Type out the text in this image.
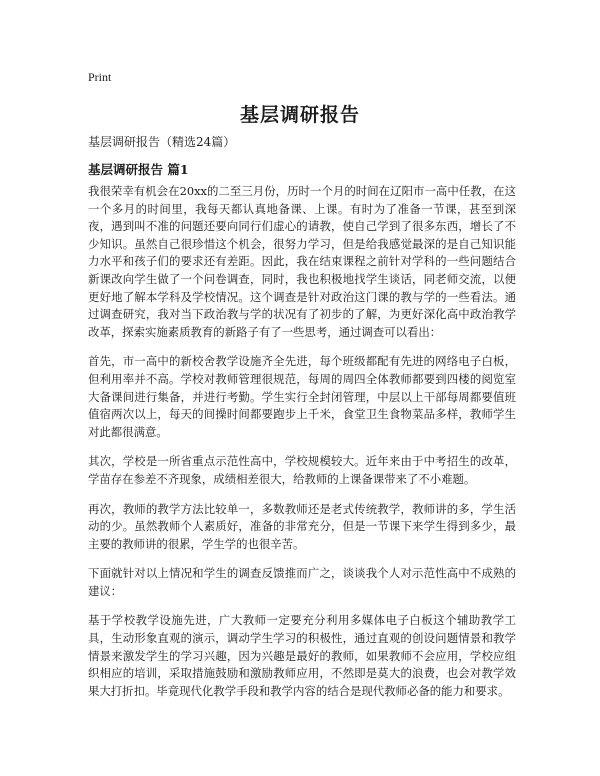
Print
基层调研报告

基层调研报告（精选24篇）

基层调研报告 篇1

我很荣幸有机会在20xx的二至三月份，历时一个月的时间在辽阳市一高中任教，在这一个多月的时间里，我每天都认真地备课、上课。有时为了准备一节课，甚至到深夜，遇到叫不准的问题还要向同行们虚心的请教，使自己学到了很多东西，增长了不少知识。虽然自己很珍惜这个机会，很努力学习，但是给我感觉最深的是自己知识能力水平和孩子们的要求还有差距。因此，我在结束课程之前针对学科的一些问题结合新课改向学生做了一个问卷调查，同时，我也积极地找学生谈话，同老师交流，以便更好地了解本学科及学校情况。这个调查是针对政治这门课的教与学的一些看法。通过调查研究，我对当下政治教与学的状况有了初步的了解，为更好深化高中政治教学改革，探索实施素质教育的新路子有了一些思考，通过调查可以看出：

首先，市一高中的新校舍教学设施齐全先进，每个班级都配有先进的网络电子白板，但利用率并不高。学校对教师管理很规范，每周的周四全体教师都要到四楼的阅览室大备课间进行集备，并进行考勤。学生实行全封闭管理，中层以上干部每周都要值班值宿两次以上，每天的间操时间都要跑步上千米，食堂卫生食物菜品多样，教师学生对此都很满意。

其次，学校是一所省重点示范性高中，学校规模较大。近年来由于中考招生的改革，学苗存在参差不齐现象，成绩相差很大，给教师的上课备课带来了不小难题。

再次，教师的教学方法比较单一，多数教师还是老式传统教学，教师讲的多，学生活动的少。虽然教师个人素质好，准备的非常充分，但是一节课下来学生得到多少，最主要的教师讲的很累，学生学的也很辛苦。

下面就针对以上情况和学生的调查反馈推而广之，谈谈我个人对示范性高中不成熟的建议：

基于学校教学设施先进，广大教师一定要充分利用多媒体电子白板这个辅助教学工具，生动形象直观的演示，调动学生学习的积极性，通过直观的创设问题情景和教学情景来激发学生的学习兴趣，因为兴趣是最好的教师，如果教师不会应用，学校应组织相应的培训，采取措施鼓励和激励教师应用，不然即是莫大的浪费，也会对教学效果大打折扣。毕竟现代化教学手段和教学内容的结合是现代教师必备的能力和要求。
